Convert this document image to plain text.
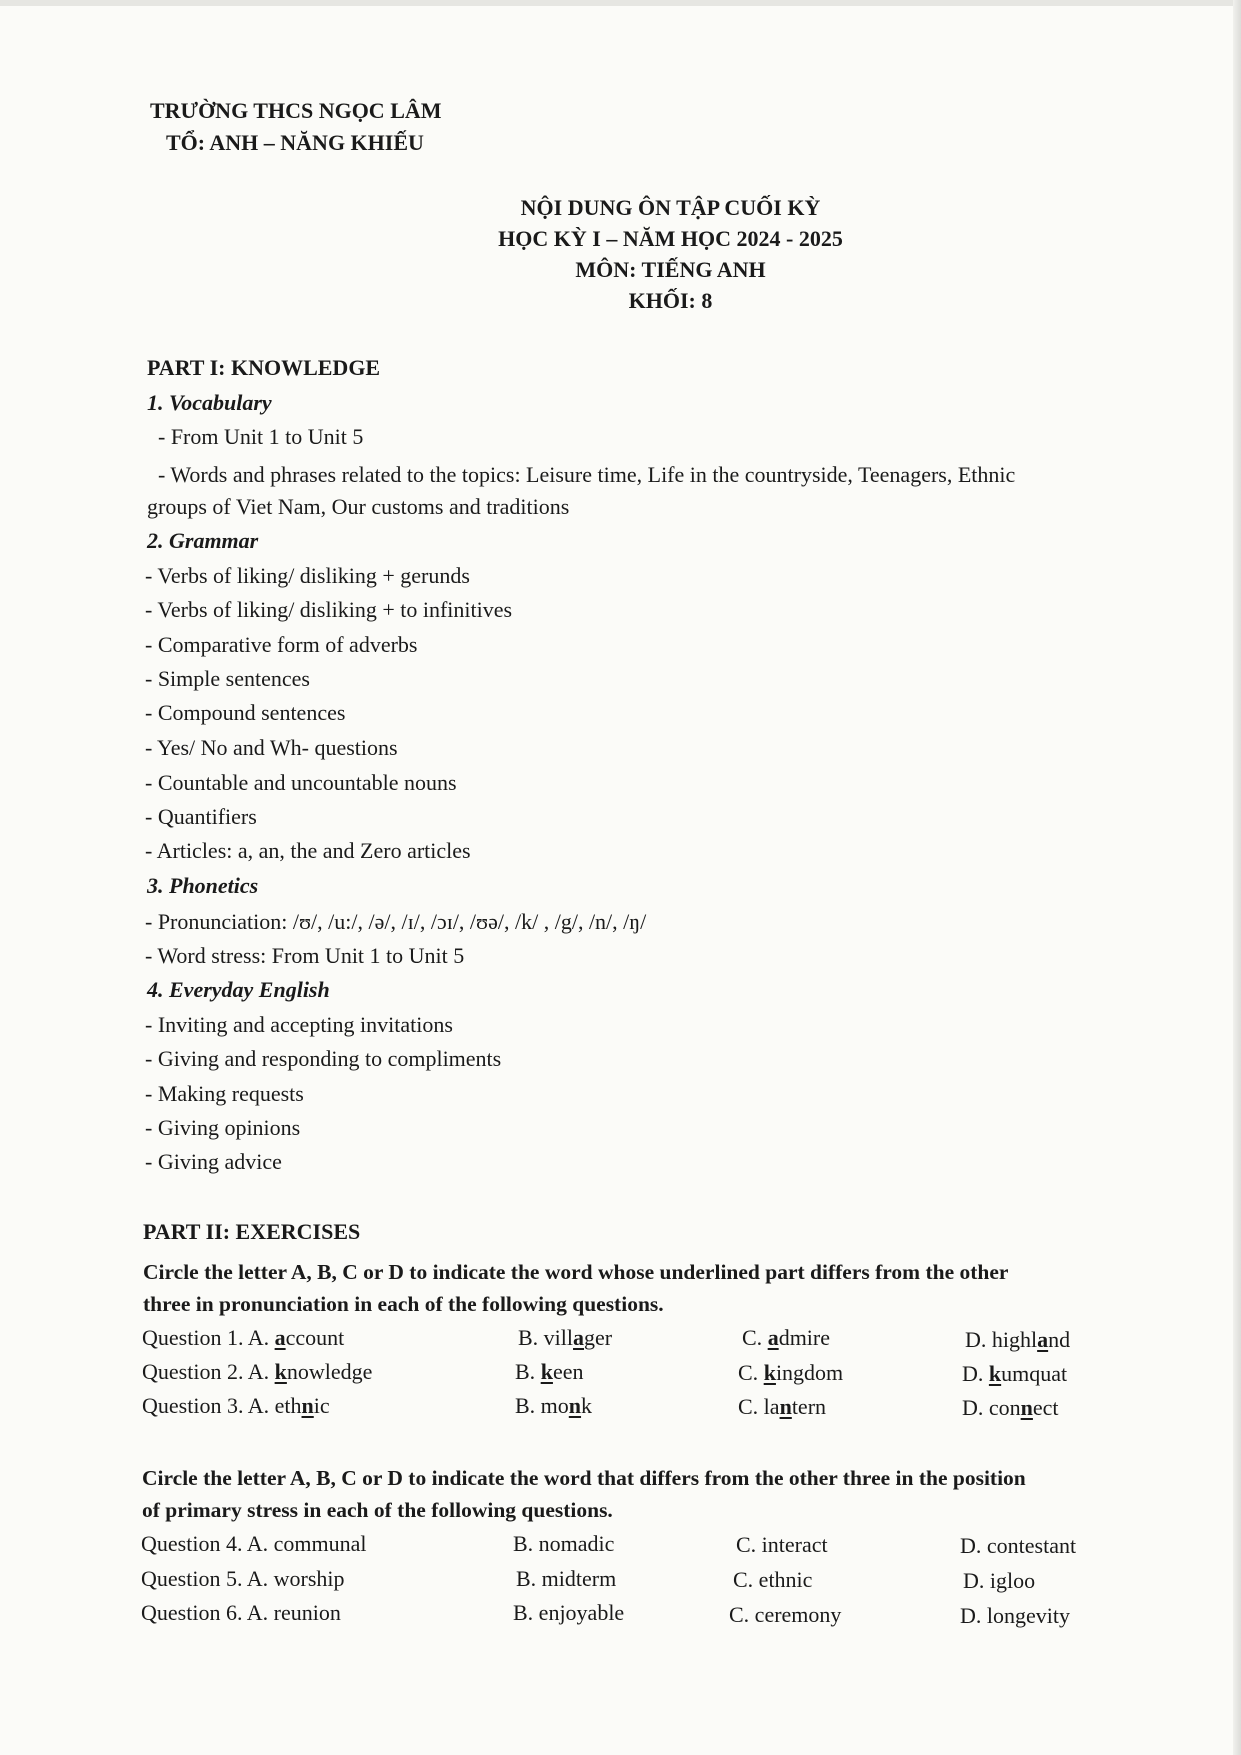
TRƯỜNG THCS NGỌC LÂM
TỔ: ANH – NĂNG KHIẾU
NỘI DUNG ÔN TẬP CUỐI KỲ
HỌC KỲ I – NĂM HỌC 2024 - 2025
MÔN: TIẾNG ANH
KHỐI: 8
PART I: KNOWLEDGE
1. Vocabulary
- From Unit 1 to Unit 5
- Words and phrases related to the topics: Leisure time, Life in the countryside, Teenagers, Ethnic
groups of Viet Nam, Our customs and traditions
2. Grammar
- Verbs of liking/ disliking + gerunds
- Verbs of liking/ disliking + to infinitives
- Comparative form of adverbs
- Simple sentences
- Compound sentences
- Yes/ No and Wh- questions
- Countable and uncountable nouns
- Quantifiers
- Articles: a, an, the and Zero articles
3. Phonetics
- Pronunciation: /ʊ/, /u:/, /ə/, /ɪ/, /ɔɪ/, /ʊə/, /k/ , /g/, /n/, /ŋ/
- Word stress: From Unit 1 to Unit 5
4. Everyday English
- Inviting and accepting invitations
- Giving and responding to compliments
- Making requests
- Giving opinions
- Giving advice
PART II: EXERCISES
Circle the letter A, B, C or D to indicate the word whose underlined part differs from the other
three in pronunciation in each of the following questions.
Question 1. A. account	B. villager	C. admire	D. highland
Question 2. A. knowledge	B. keen	C. kingdom	D. kumquat
Question 3. A. ethnic	B. monk	C. lantern	D. connect
Circle the letter A, B, C or D to indicate the word that differs from the other three in the position
of primary stress in each of the following questions.
Question 4. A. communal	B. nomadic	C. interact	D. contestant
Question 5. A. worship	B. midterm	C. ethnic	D. igloo
Question 6. A. reunion	B. enjoyable	C. ceremony	D. longevity
